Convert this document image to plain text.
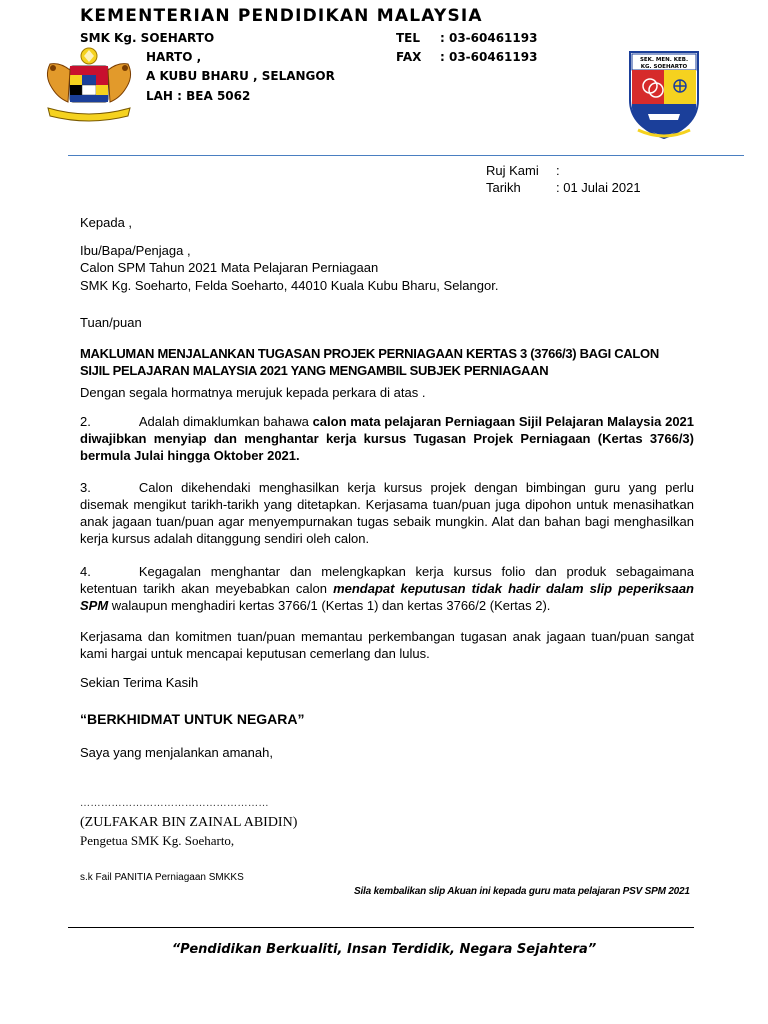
KEMENTERIAN PENDIDIKAN MALAYSIA
SMK Kg. SOEHARTO
HARTO ,
A KUBU BHARU , SELANGOR
LAH : BEA 5062
TEL : 03-60461193
FAX : 03-60461193	SEK. MEN. KEB.
KG. SOEHARTO
Ruj Kami :
Tarikh	: 01 Julai 2021
Kepada ,
Ibu/Bapa/Penjaga ,
Calon SPM Tahun 2021 Mata Pelajaran Perniagaan
SMK Kg. Soeharto, Felda Soeharto, 44010 Kuala Kubu Bharu, Selangor.
Tuan/puan
MAKLUMAN MENJALANKAN TUGASAN PROJEK PERNIAGAAN KERTAS 3 (3766/3) BAGI CALON
SIJIL PELAJARAN MALAYSIA 2021 YANG MENGAMBIL SUBJEK PERNIAGAAN
Dengan segala hormatnya merujuk kepada perkara di atas .
2.	Adalah dimaklumkan bahawa calon mata pelajaran Perniagaan Sijil Pelajaran Malaysia 2021 diwajibkan menyiap dan menghantar kerja kursus Tugasan Projek Perniagaan (Kertas 3766/3) bermula Julai hingga Oktober 2021.
3.	Calon dikehendaki menghasilkan kerja kursus projek dengan bimbingan guru yang perlu disemak mengikut tarikh-tarikh yang ditetapkan. Kerjasama tuan/puan juga dipohon untuk menasihatkan anak jagaan tuan/puan agar menyempurnakan tugas sebaik mungkin. Alat dan bahan bagi menghasilkan kerja kursus adalah ditanggung sendiri oleh calon.
4.	Kegagalan menghantar dan melengkapkan kerja kursus folio dan produk sebagaimana ketentuan tarikh akan meyebabkan calon mendapat keputusan tidak hadir dalam slip peperiksaan SPM walaupun menghadiri kertas 3766/1 (Kertas 1) dan kertas 3766/2 (Kertas 2).
Kerjasama dan komitmen tuan/puan memantau perkembangan tugasan anak jagaan tuan/puan sangat kami hargai untuk mencapai keputusan cemerlang dan lulus.
Sekian Terima Kasih
“BERKHIDMAT UNTUK NEGARA”
Saya yang menjalankan amanah,
………………………………………………
(ZULFAKAR BIN ZAINAL ABIDIN)
Pengetua SMK Kg. Soeharto,
s.k Fail PANITIA Perniagaan SMKKS
Sila kembalikan slip Akuan ini kepada guru mata pelajaran PSV SPM 2021
“Pendidikan Berkualiti, Insan Terdidik, Negara Sejahtera”
